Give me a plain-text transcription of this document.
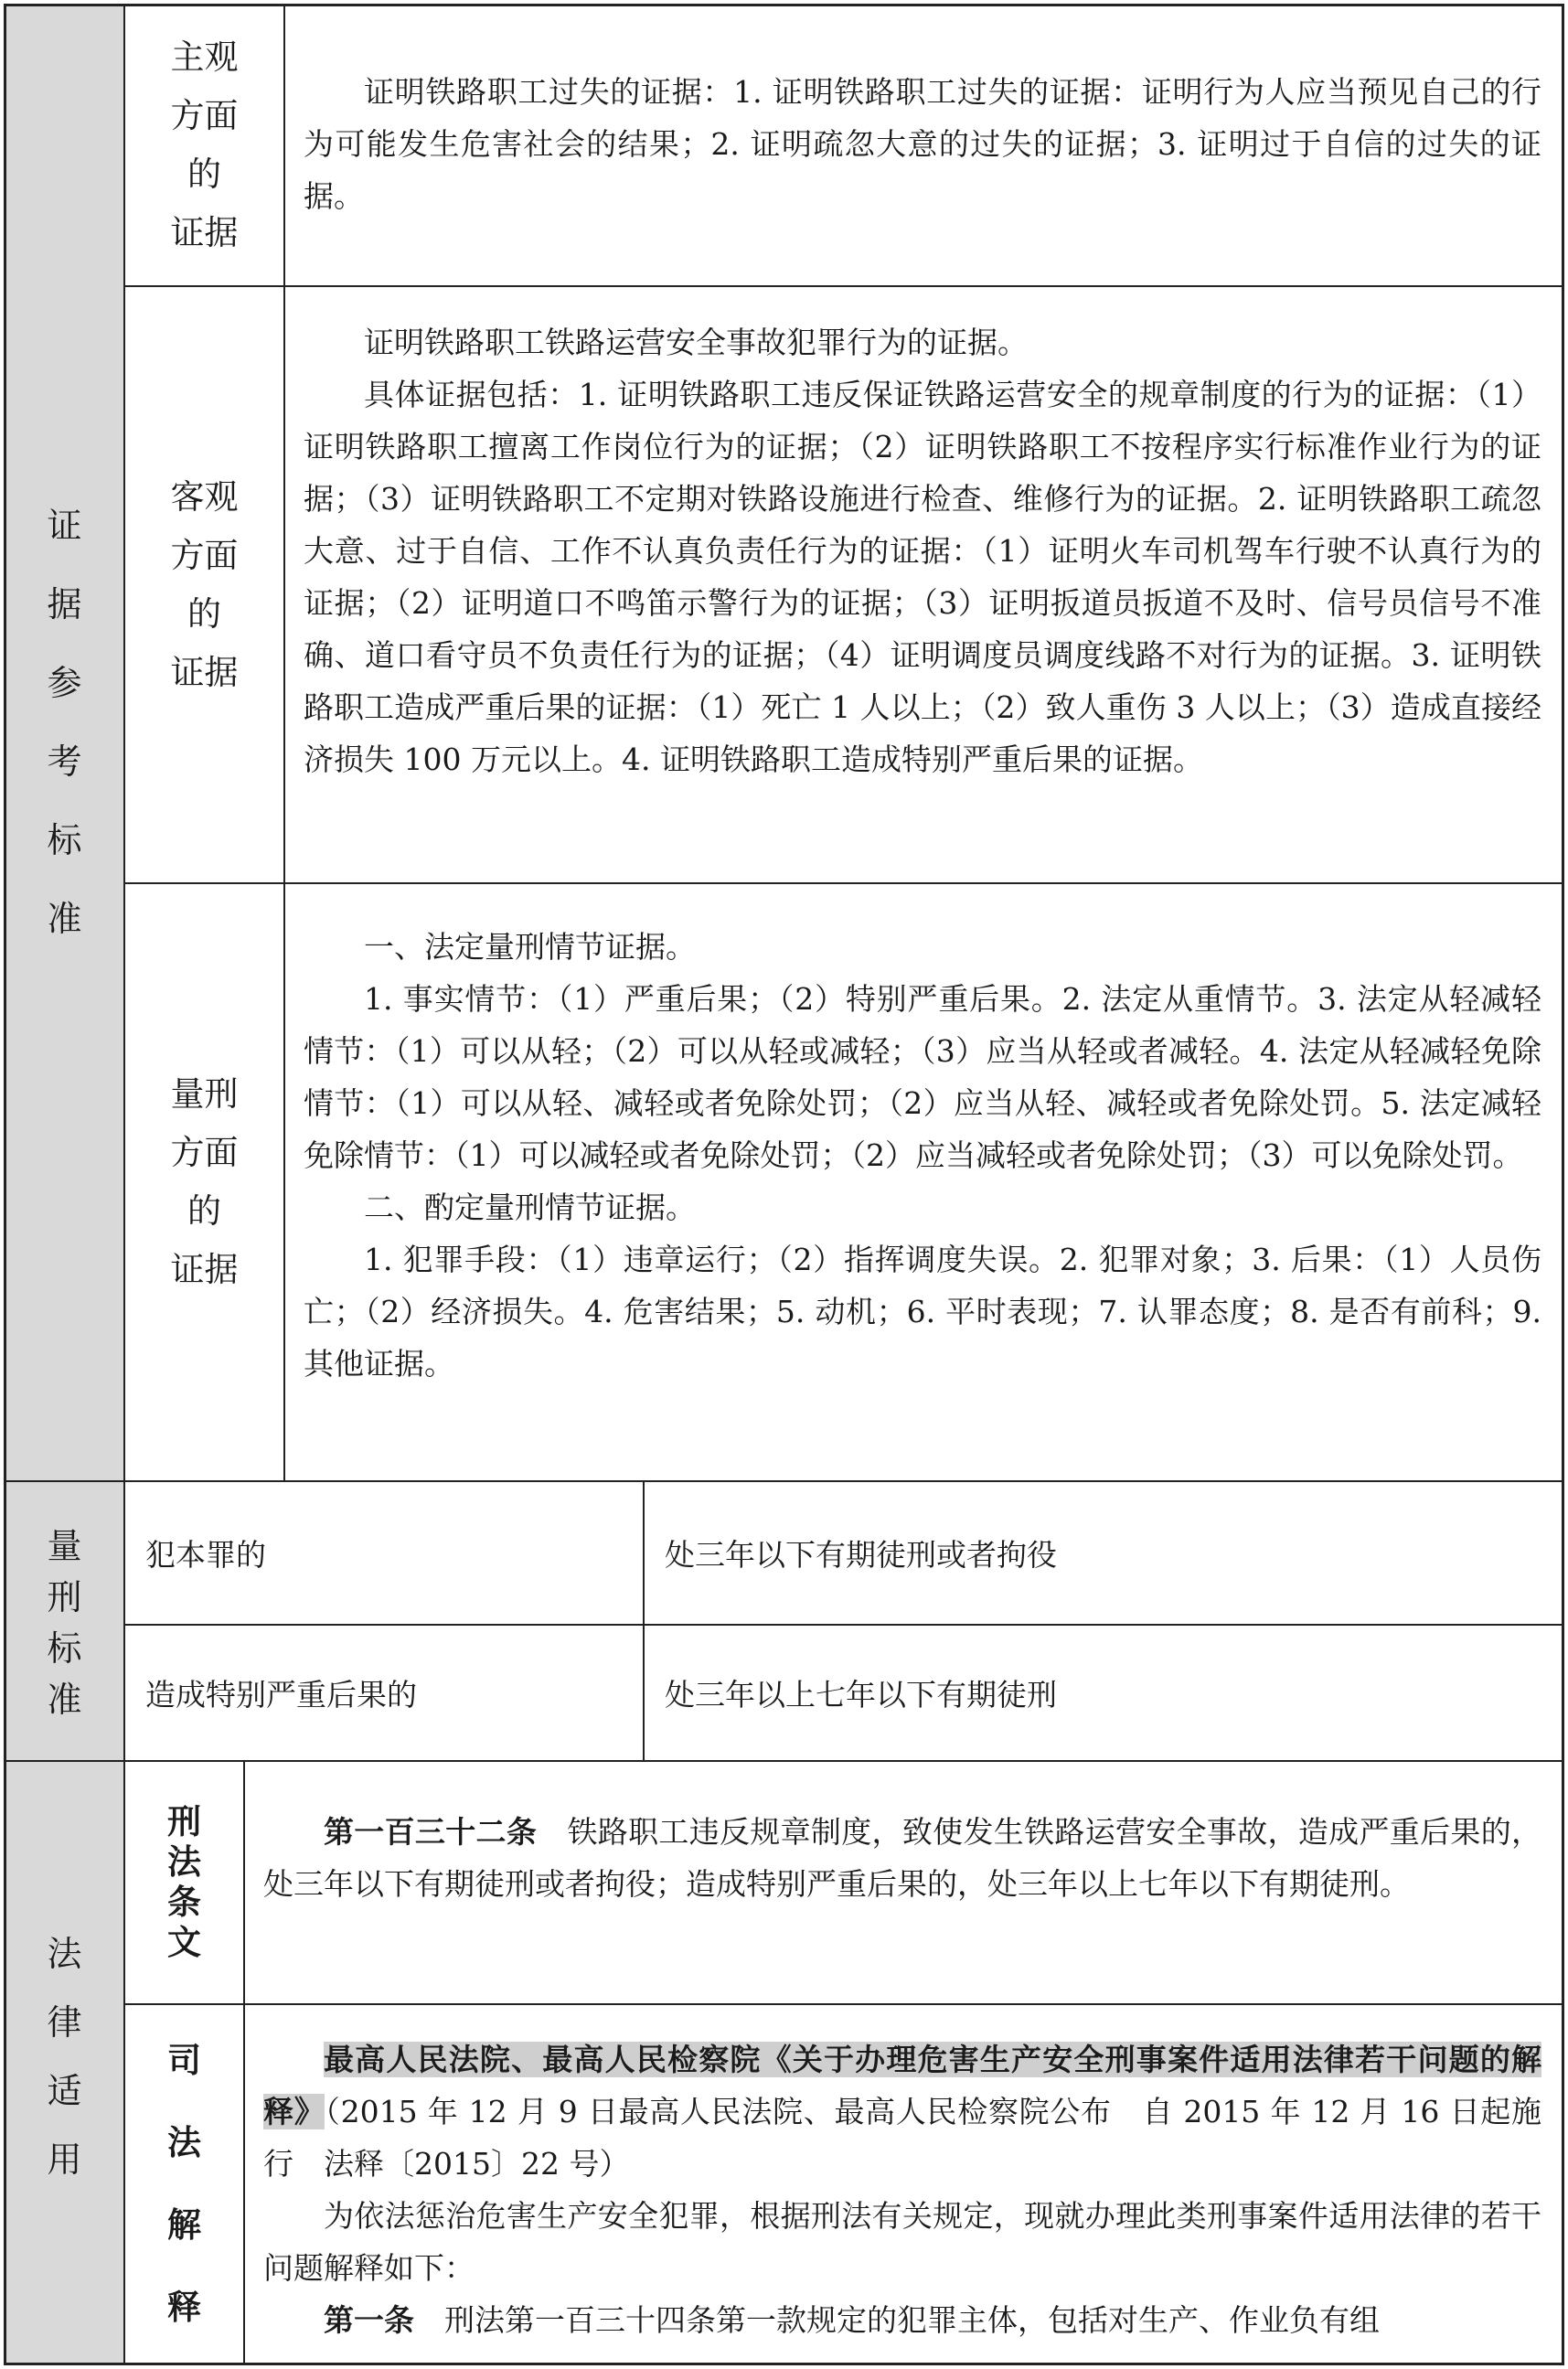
证
据
参
考
标
准
主观
方面
的
证据

证明铁路职工过失的证据：1. 证明铁路职工过失的证据：证明行为人应当预见自己的行为可能发生危害社会的结果；2. 证明疏忽大意的过失的证据；3. 证明过于自信的过失的证据。

客观
方面
的
证据

证明铁路职工铁路运营安全事故犯罪行为的证据。

具体证据包括：1. 证明铁路职工违反保证铁路运营安全的规章制度的行为的证据：（1）证明铁路职工擅离工作岗位行为的证据；（2）证明铁路职工不按程序实行标准作业行为的证据；（3）证明铁路职工不定期对铁路设施进行检查、维修行为的证据。2. 证明铁路职工疏忽大意、过于自信、工作不认真负责任行为的证据：（1）证明火车司机驾车行驶不认真行为的证据；（2）证明道口不鸣笛示警行为的证据；（3）证明扳道员扳道不及时、信号员信号不准确、道口看守员不负责任行为的证据；（4）证明调度员调度线路不对行为的证据。3. 证明铁路职工造成严重后果的证据：（1）死亡 1 人以上；（2）致人重伤 3 人以上；（3）造成直接经济损失 100 万元以上。4. 证明铁路职工造成特别严重后果的证据。

量刑
方面
的
证据

一、法定量刑情节证据。

1. 事实情节：（1）严重后果；（2）特别严重后果。2. 法定从重情节。3. 法定从轻减轻情节：（1）可以从轻；（2）可以从轻或减轻；（3）应当从轻或者减轻。4. 法定从轻减轻免除情节：（1）可以从轻、减轻或者免除处罚；（2）应当从轻、减轻或者免除处罚。5. 法定减轻免除情节：（1）可以减轻或者免除处罚；（2）应当减轻或者免除处罚；（3）可以免除处罚。

二、酌定量刑情节证据。

1. 犯罪手段：（1）违章运行；（2）指挥调度失误。2. 犯罪对象；3. 后果：（1）人员伤亡；（2）经济损失。4. 危害结果；5. 动机；6. 平时表现；7. 认罪态度；8. 是否有前科；9. 其他证据。

量
刑
标
准
犯本罪的	处三年以下有期徒刑或者拘役
造成特别严重后果的	处三年以上七年以下有期徒刑
法
律
适
用
刑
法
条
文

第一百三十二条　铁路职工违反规章制度，致使发生铁路运营安全事故，造成严重后果的，处三年以下有期徒刑或者拘役；造成特别严重后果的，处三年以上七年以下有期徒刑。

司
法
解
释

最高人民法院、最高人民检察院《关于办理危害生产安全刑事案件适用法律若干问题的解释》（2015 年 12 月 9 日最高人民法院、最高人民检察院公布　自 2015 年 12 月 16 日起施行　法释〔2015〕22 号）

为依法惩治危害生产安全犯罪，根据刑法有关规定，现就办理此类刑事案件适用法律的若干问题解释如下：

第一条　刑法第一百三十四条第一款规定的犯罪主体，包括对生产、作业负有组
